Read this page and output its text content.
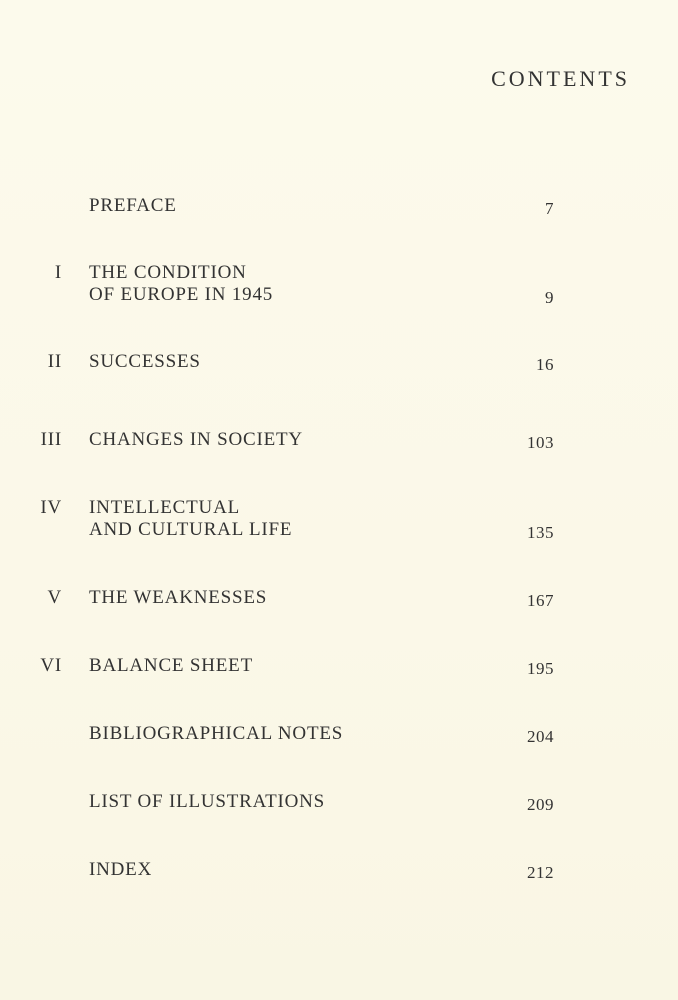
CONTENTS
PREFACE	7
I THE CONDITION
OF EUROPE IN 1945	9
II SUCCESSES	16
III CHANGES IN SOCIETY	103
IV INTELLECTUAL
AND CULTURAL LIFE	135
V THE WEAKNESSES	167
VI BALANCE SHEET	195
BIBLIOGRAPHICAL NOTES	204
LIST OF ILLUSTRATIONS	209
INDEX	212
